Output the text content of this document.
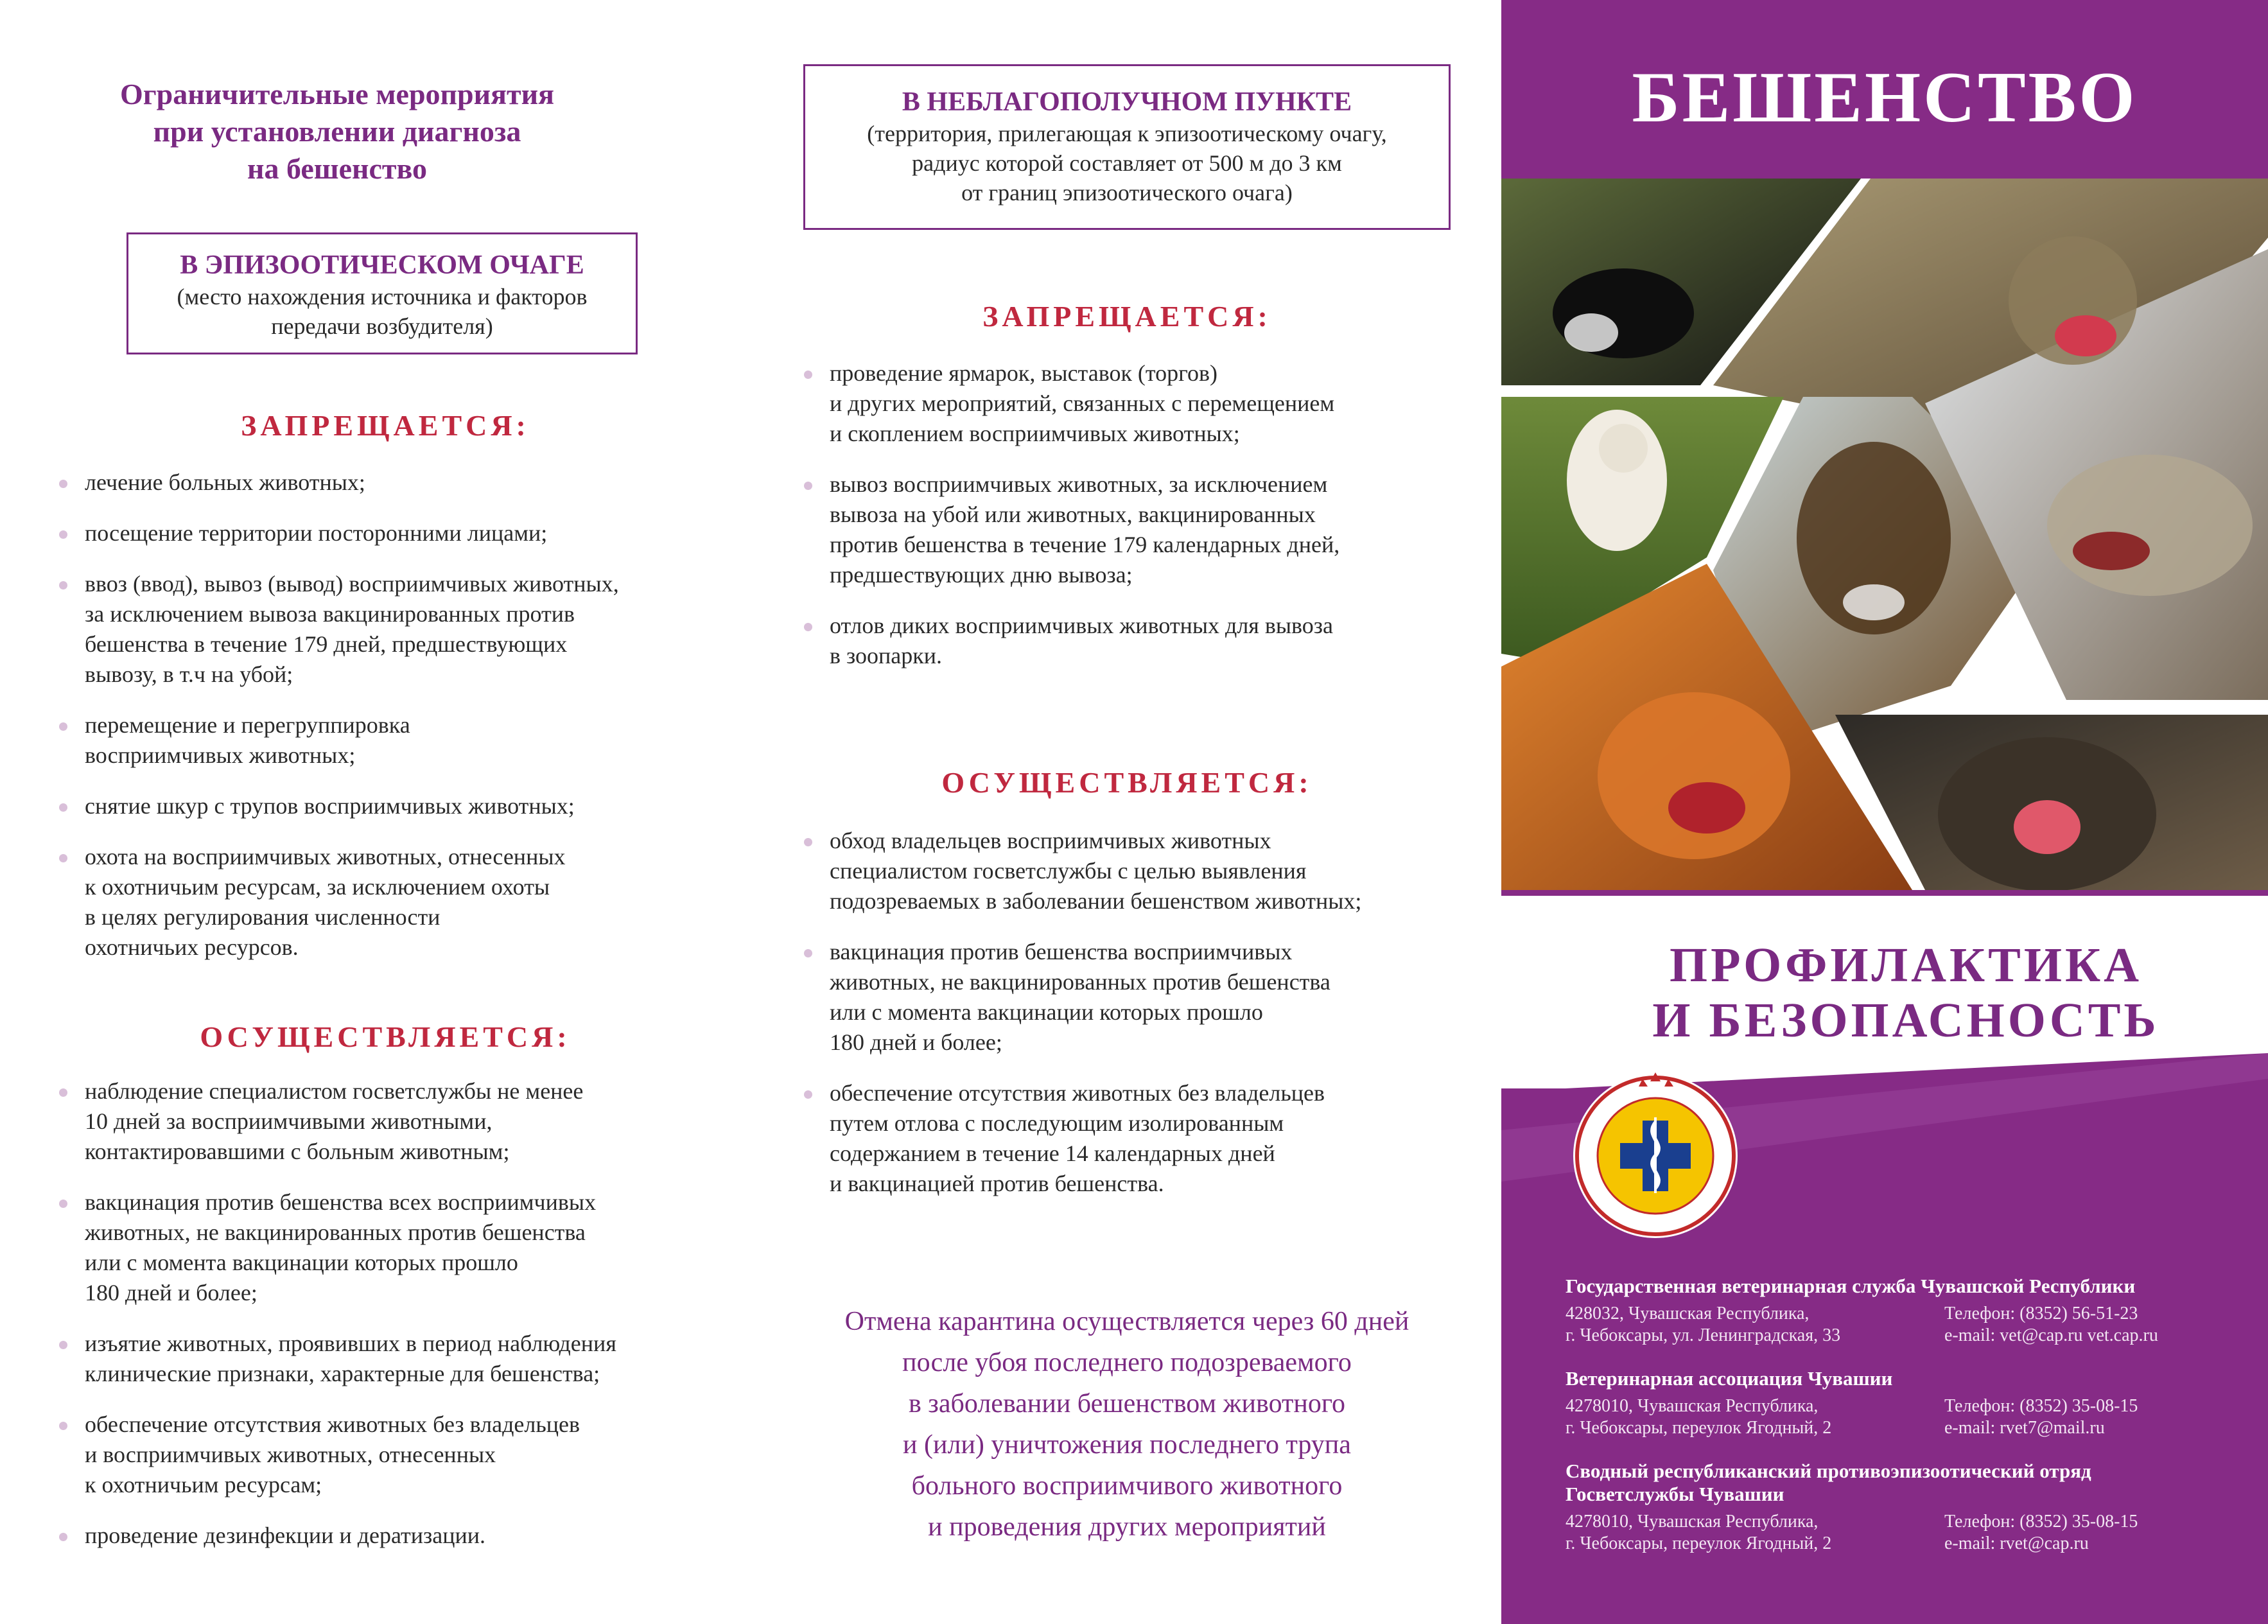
Ограничительные мероприятия
при установлении диагноза
на бешенство
В ЭПИЗООТИЧЕСКОМ ОЧАГЕ
(место нахождения источника и факторов
передачи возбудителя)
ЗАПРЕЩАЕТСЯ:
лечение больных животных;
посещение территории посторонними лицами;
ввоз (ввод), вывоз (вывод) восприимчивых животных,
за исключением вывоза вакцинированных против
бешенства в течение 179 дней, предшествующих
вывозу, в т.ч на убой;
перемещение и перегруппировка
восприимчивых животных;
снятие шкур с трупов восприимчивых животных;
охота на восприимчивых животных, отнесенных
к охотничьим ресурсам, за исключением охоты
в целях регулирования численности
охотничьих ресурсов.
ОСУЩЕСТВЛЯЕТСЯ:
наблюдение специалистом госветслужбы не менее
10 дней за восприимчивыми животными,
контактировавшими с больным животным;
вакцинация против бешенства всех восприимчивых
животных, не вакцинированных против бешенства
или с момента вакцинации которых прошло
180 дней и более;
изъятие животных, проявивших в период наблюдения
клинические признаки, характерные для бешенства;
обеспечение отсутствия животных без владельцев
и восприимчивых животных, отнесенных
к охотничьим ресурсам;
проведение дезинфекции и дератизации.
В НЕБЛАГОПОЛУЧНОМ ПУНКТЕ
(территория, прилегающая к эпизоотическому очагу,
радиус которой составляет от 500 м до 3 км
от границ эпизоотического очага)
ЗАПРЕЩАЕТСЯ:
проведение ярмарок, выставок (торгов)
и других мероприятий, связанных с перемещением
и скоплением восприимчивых животных;
вывоз восприимчивых животных, за исключением
вывоза на убой или животных, вакцинированных
против бешенства в течение 179 календарных дней,
предшествующих дню вывоза;
отлов диких восприимчивых животных для вывоза
в зоопарки.
ОСУЩЕСТВЛЯЕТСЯ:
обход владельцев восприимчивых животных
специалистом госветслужбы с целью выявления
подозреваемых в заболевании бешенством животных;
вакцинация против бешенства восприимчивых
животных, не вакцинированных против бешенства
или с момента вакцинации которых прошло
180 дней и более;
обеспечение отсутствия животных без владельцев
путем отлова с последующим изолированным
содержанием в течение 14 календарных дней
и вакцинацией против бешенства.
Отмена карантина осуществляется через 60 дней
после убоя последнего подозреваемого
в заболевании бешенством животного
и (или) уничтожения последнего трупа
больного восприимчивого животного
и проведения других мероприятий
БЕШЕНСТВО
ПРОФИЛАКТИКА
И БЕЗОПАСНОСТЬ
Государственная ветеринарная служба Чувашской Республики
428032, Чувашская Республика,
г. Чебоксары, ул. Ленинградская, 33
Телефон: (8352) 56-51-23
e-mail: vet@cap.ru vet.cap.ru
Ветеринарная ассоциация Чувашии
4278010, Чувашская Республика,
г. Чебоксары, переулок Ягодный, 2
Телефон: (8352) 35-08-15
e-mail: rvet7@mail.ru
Сводный республиканский противоэпизоотический отряд
Госветслужбы Чувашии
4278010, Чувашская Республика,
г. Чебоксары, переулок Ягодный, 2
Телефон: (8352) 35-08-15
e-mail: rvet@cap.ru
